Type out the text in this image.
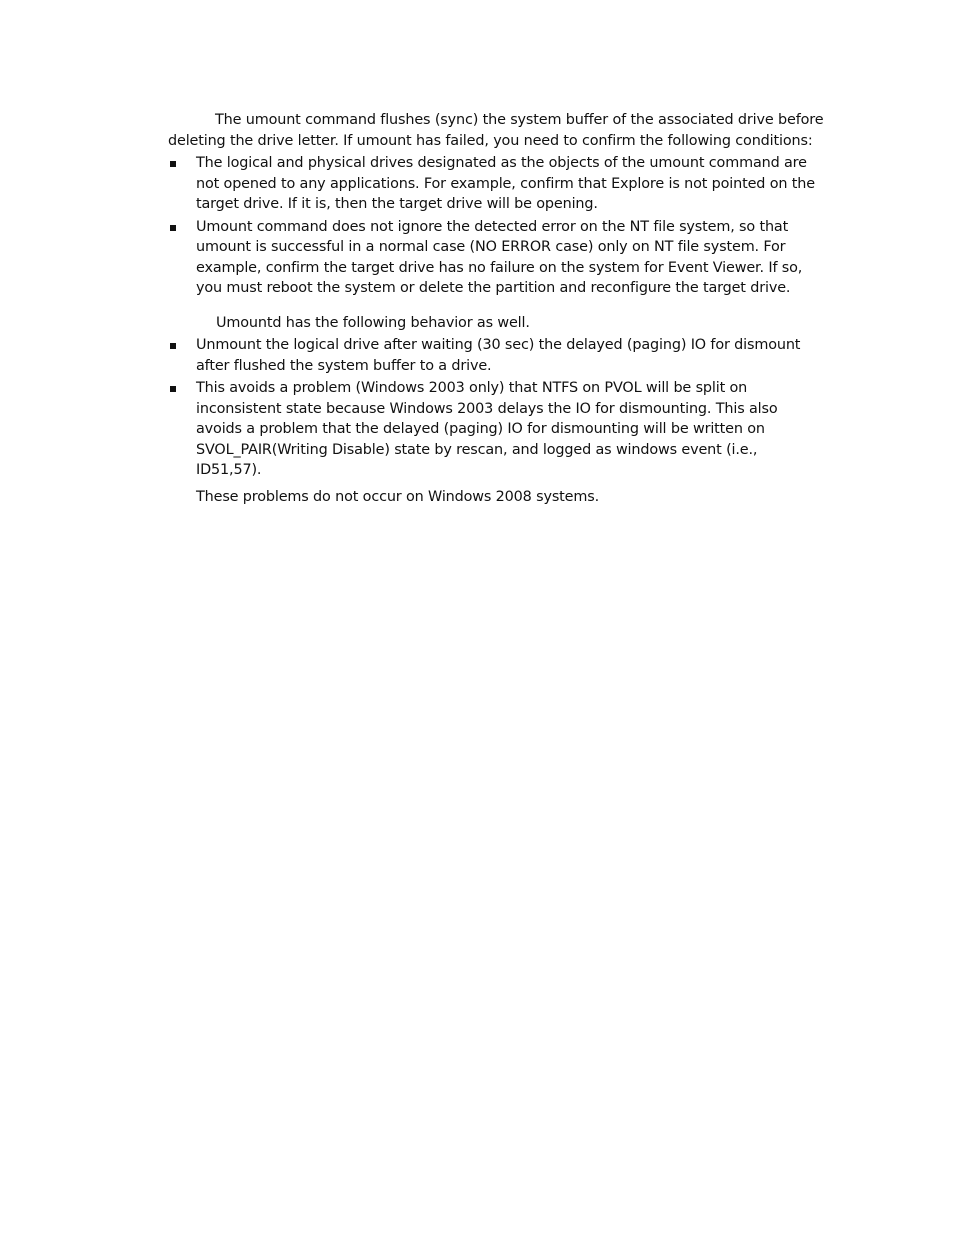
The umount command flushes (sync) the system buffer of the associated drive before deleting the drive letter. If umount has failed, you need to confirm the following conditions:

The logical and physical drives designated as the objects of the umount command are not opened to any applications. For example, confirm that Explore is not pointed on the target drive. If it is, then the target drive will be opening.
Umount command does not ignore the detected error on the NT file system, so that umount is successful in a normal case (NO ERROR case) only on NT file system. For example, confirm the target drive has no failure on the system for Event Viewer. If so, you must reboot the system or delete the partition and reconfigure the target drive.

Umountd has the following behavior as well.

Unmount the logical drive after waiting (30 sec) the delayed (paging) IO for dismount after flushed the system buffer to a drive.
This avoids a problem (Windows 2003 only) that NTFS on PVOL will be split on inconsistent state because Windows 2003 delays the IO for dismounting. This also avoids a problem that the delayed (paging) IO for dismounting will be written on SVOL_PAIR(Writing Disable) state by rescan, and logged as windows event (i.e., ID51,57).

These problems do not occur on Windows 2008 systems.
